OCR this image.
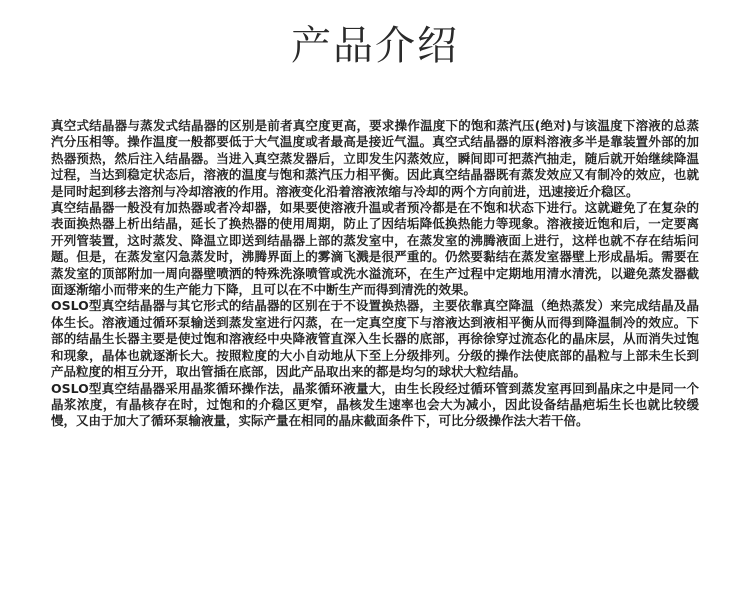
产品介绍

真空式结晶器与蒸发式结晶器的区别是前者真空度更高，要求操作温度下的饱和蒸汽压(绝对)与该温度下溶液的总蒸汽分压相等。操作温度一般都要低于大气温度或者最高是接近气温。真空式结晶器的原料溶液多半是靠装置外部的加热器预热，然后注入结晶器。当进入真空蒸发器后，立即发生闪蒸效应，瞬间即可把蒸汽抽走，随后就开始继续降温过程，当达到稳定状态后，溶液的温度与饱和蒸汽压力相平衡。因此真空结晶器既有蒸发效应又有制冷的效应，也就是同时起到移去溶剂与冷却溶液的作用。溶液变化沿着溶液浓缩与冷却的两个方向前进，迅速接近介稳区。

真空结晶器一般没有加热器或者冷却器，如果要使溶液升温或者预冷都是在不饱和状态下进行。这就避免了在复杂的表面换热器上析出结晶，延长了换热器的使用周期，防止了因结垢降低换热能力等现象。溶液接近饱和后，一定要离开列管装置，这时蒸发、降温立即送到结晶器上部的蒸发室中，在蒸发室的沸腾液面上进行，这样也就不存在结垢问题。但是，在蒸发室闪急蒸发时，沸腾界面上的雾滴飞溅是很严重的。仍然要黏结在蒸发室器壁上形成晶垢。需要在蒸发室的顶部附加一周向器壁喷洒的特殊洗涤喷管或洗水溢流环，在生产过程中定期地用清水清洗，以避免蒸发器截面逐渐缩小而带来的生产能力下降，且可以在不中断生产而得到清洗的效果。

OSLO型真空结晶器与其它形式的结晶器的区别在于不设置换热器，主要依靠真空降温（绝热蒸发）来完成结晶及晶体生长。溶液通过循环泵输送到蒸发室进行闪蒸，在一定真空度下与溶液达到液相平衡从而得到降温制冷的效应。下部的结晶生长器主要是使过饱和溶液经中央降液管直深入生长器的底部，再徐徐穿过流态化的晶床层，从而消失过饱和现象，晶体也就逐渐长大。按照粒度的大小自动地从下至上分级排列。分级的操作法使底部的晶粒与上部未生长到产品粒度的相互分开，取出管插在底部，因此产品取出来的都是均匀的球状大粒结晶。

OSLO型真空结晶器采用晶浆循环操作法，晶浆循环液量大，由生长段经过循环管到蒸发室再回到晶床之中是同一个晶浆浓度，有晶核存在时，过饱和的介稳区更窄，晶核发生速率也会大为减小，因此设备结晶疤垢生长也就比较缓慢，又由于加大了循环泵输液量，实际产量在相同的晶床截面条件下，可比分级操作法大若干倍。
